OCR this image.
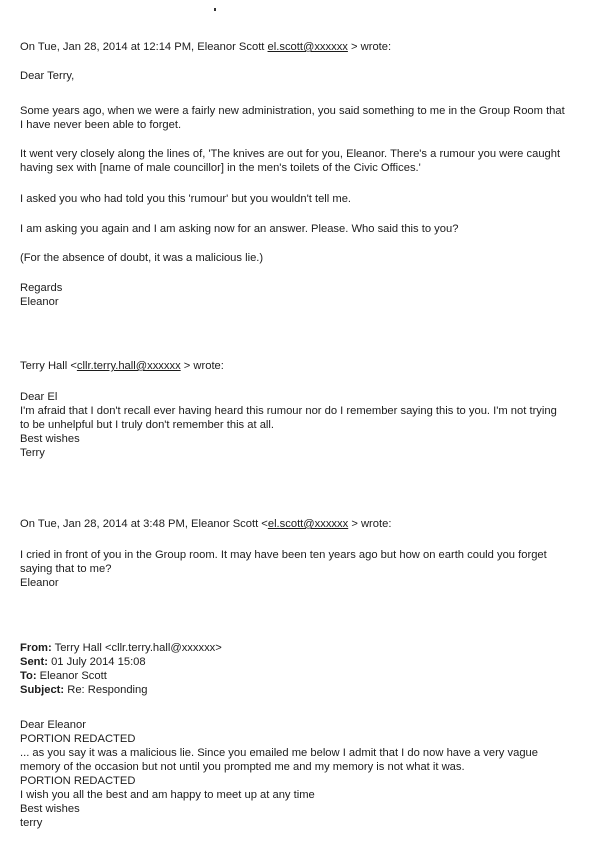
On Tue, Jan 28, 2014 at 12:14 PM, Eleanor Scott el.scott@xxxxxx > wrote:
Dear Terry,
Some years ago, when we were a fairly new administration, you said something to me in the Group Room that
I have never been able to forget.
It went very closely along the lines of, 'The knives are out for you, Eleanor. There's a rumour you were caught
having sex with [name of male councillor] in the men's toilets of the Civic Offices.'
I asked you who had told you this 'rumour' but you wouldn't tell me.
I am asking you again and I am asking now for an answer. Please. Who said this to you?
(For the absence of doubt, it was a malicious lie.)
Regards
Eleanor
Terry Hall <cllr.terry.hall@xxxxxx > wrote:
Dear El
I'm afraid that I don't recall ever having heard this rumour nor do I remember saying this to you. I'm not trying
to be unhelpful but I truly don't remember this at all.
Best wishes
Terry
On Tue, Jan 28, 2014 at 3:48 PM, Eleanor Scott <el.scott@xxxxxx > wrote:
I cried in front of you in the Group room. It may have been ten years ago but how on earth could you forget
saying that to me?
Eleanor
From: Terry Hall <cllr.terry.hall@xxxxxx>
Sent: 01 July 2014 15:08
To: Eleanor Scott
Subject: Re: Responding
Dear Eleanor
PORTION REDACTED
... as you say it was a malicious lie. Since you emailed me below I admit that I do now have a very vague
memory of the occasion but not until you prompted me and my memory is not what it was.
PORTION REDACTED
I wish you all the best and am happy to meet up at any time
Best wishes
terry
